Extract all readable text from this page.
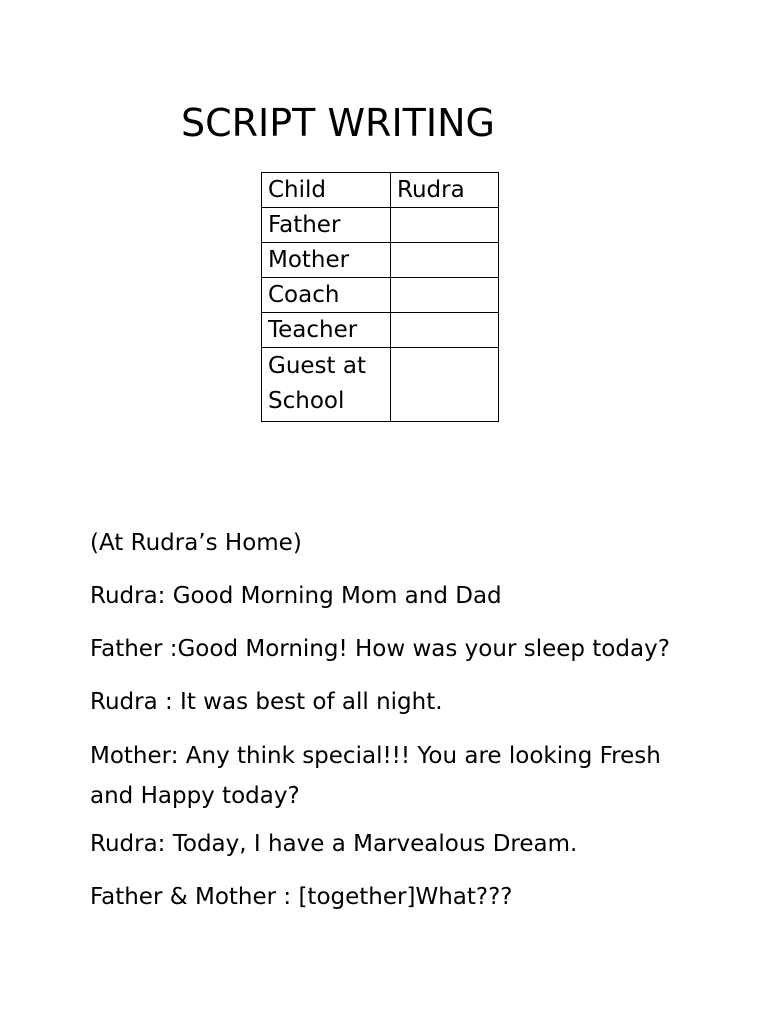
SCRIPT WRITING
Child	Rudra
Father	
Mother	
Coach	
Teacher	
Guest at School	

(At Rudra’s Home)

Rudra: Good Morning Mom and Dad

Father :Good Morning! How was your sleep today?

Rudra : It was best of all night.

Mother: Any think special!!! You are looking Fresh and Happy today?

Rudra: Today, I have a Marvealous Dream.

Father & Mother : [together]What???
